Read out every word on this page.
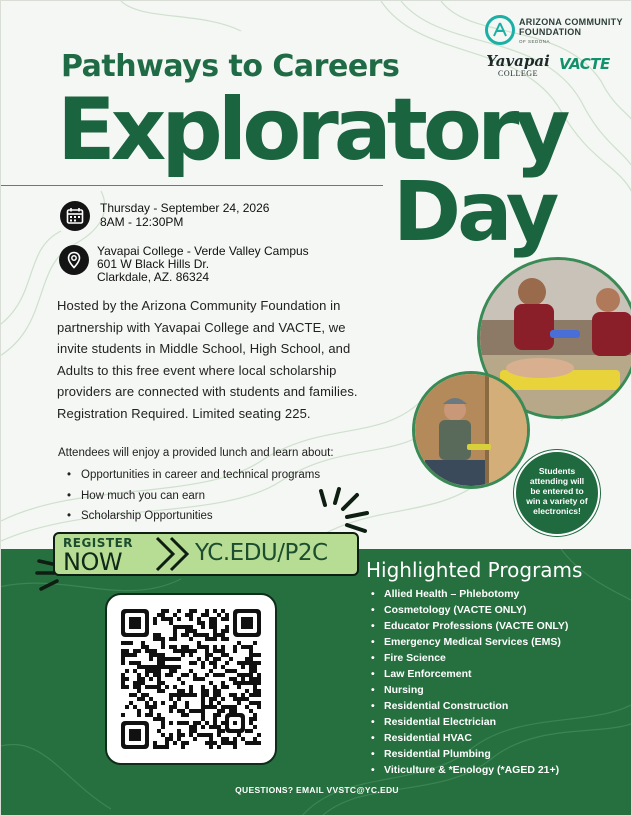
ARIZONA COMMUNITY
FOUNDATION
OF SEDONA
Yavapai
COLLEGE
VACTE
Pathways to Careers
Exploratory
Day
Thursday - September 24, 2026
8AM - 12:30PM
Yavapai College - Verde Valley Campus
601 W Black Hills Dr.
Clarkdale, AZ. 86324
Hosted by the Arizona Community Foundation in
partnership with Yavapai College and VACTE, we
invite students in Middle School, High School, and
Adults to this free event where local scholarship
providers are connected with students and families.
Registration Required. Limited seating 225.
Attendees will enjoy a provided lunch and learn about:
• Opportunities in career and technical programs
• How much you can earn
• Scholarship Opportunities
Students
attending will
be entered to
win a variety of
electronics!
REGISTER
NOW	YC.EDU/P2C
Highlighted Programs
• Allied Health – Phlebotomy
• Cosmetology (VACTE ONLY)
• Educator Professions (VACTE ONLY)
• Emergency Medical Services (EMS)
• Fire Science
• Law Enforcement
• Nursing
• Residential Construction
• Residential Electrician
• Residential HVAC
• Residential Plumbing
• Viticulture & *Enology (*AGED 21+)
QUESTIONS? EMAIL VVSTC@YC.EDU
